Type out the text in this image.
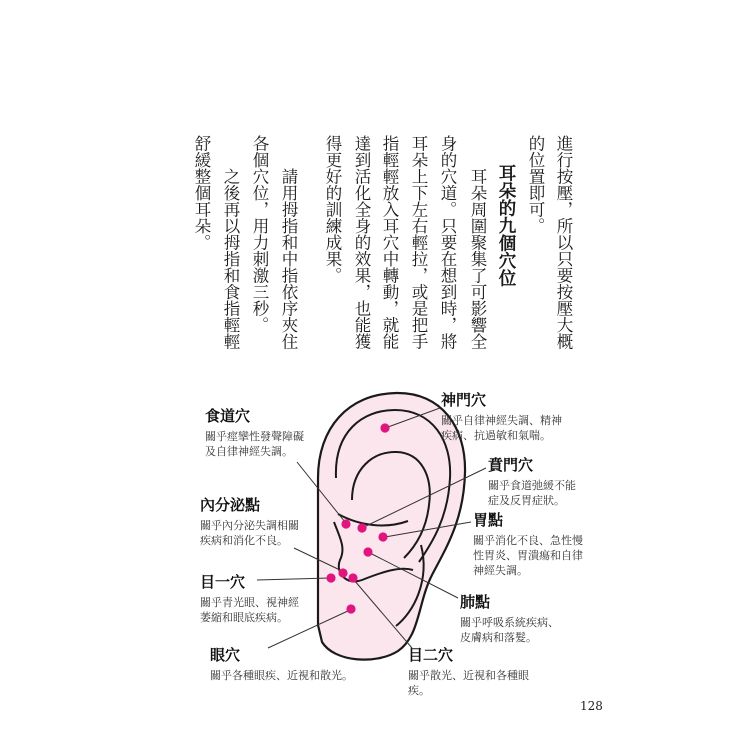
進行按壓，所以只要按壓大概
的位置即可。
耳朵的九個穴位
耳朵周圍聚集了可影響全
身的穴道。只要在想到時，將
耳朵上下左右輕拉，或是把手
指輕輕放入耳穴中轉動，就能
達到活化全身的效果，也能獲
得更好的訓練成果。
請用拇指和中指依序夾住
各個穴位，用力刺激三秒。
之後再以拇指和食指輕輕
舒緩整個耳朵。
食道穴
關乎痙攣性發聲障礙
及自律神經失調。
內分泌點
關乎內分泌失調相關
疾病和消化不良。
目一穴
關乎青光眼、視神經
萎縮和眼底疾病。
眼穴
關乎各種眼疾、近視和散光。
神門穴
關乎自律神經失調、精神
疾病、抗過敏和氣喘。
賁門穴
關乎食道弛緩不能
症及反胃症狀。
胃點
關乎消化不良、急性慢
性胃炎、胃潰瘍和自律
神經失調。
肺點
關乎呼吸系統疾病、
皮膚病和落髮。
目二穴
關乎散光、近視和各種眼
疾。
128
